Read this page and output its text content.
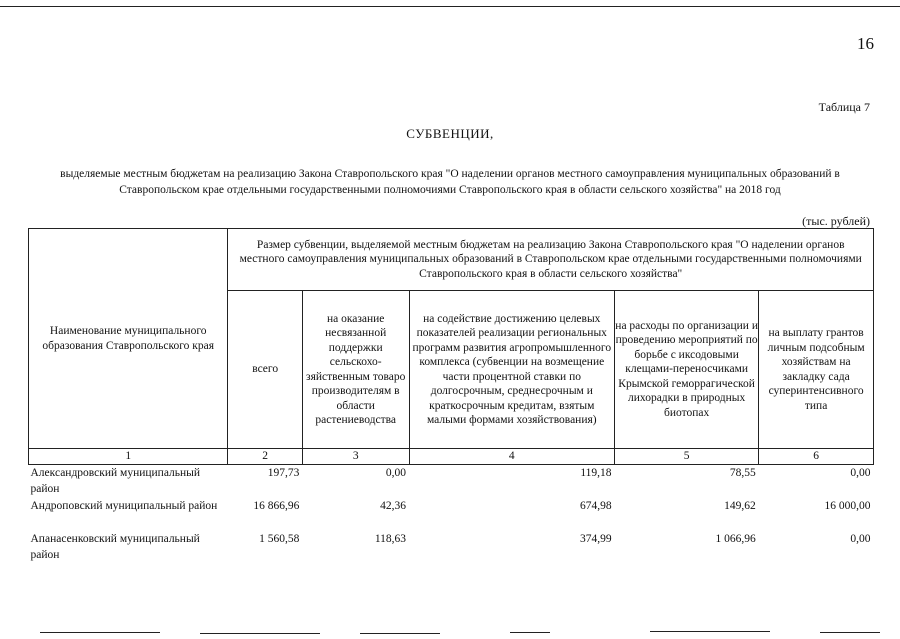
16
Таблица 7
СУБВЕНЦИИ,
выделяемые местным бюджетам на реализацию Закона Ставропольского края "О наделении органов местного самоуправления муниципальных образований в Ставропольском крае отдельными государственными полномочиями Ставропольского края в области сельского хозяйства" на 2018 год
(тыс. рублей)
Наименование муниципального образования Ставропольского края	Размер субвенции, выделяемой местным бюджетам на реализацию Закона Ставропольского края "О наделении органов местного самоуправления муниципальных образований в Ставропольском крае отдельными государственными полномочиями Ставропольского края в области сельского хозяйства"				
	всего	на оказание несвязанной поддержки сельскохо-зяйственным товаро производителям в области растениеводства	на содействие достижению целевых показателей реализации региональных программ развития агропромышленного комплекса (субвенции на возмещение части процентной ставки по долгосрочным, среднесрочным и краткосрочным кредитам, взятым малыми формами хозяйствования)	на расходы по организации и проведению мероприятий по борьбе с иксодовыми клещами-переносчиками Крымской геморрагической лихорадки в природных биотопах	на выплату грантов личным подсобным хозяйствам на закладку сада суперинтенсивного типа
1	2	3	4	5	6
Александровский муниципальный район	197,73	0,00	119,18	78,55	0,00
Андроповский муниципальный район	16 866,96	42,36	674,98	149,62	16 000,00
Апанасенковский муниципальный район	1 560,58	118,63	374,99	1 066,96	0,00
